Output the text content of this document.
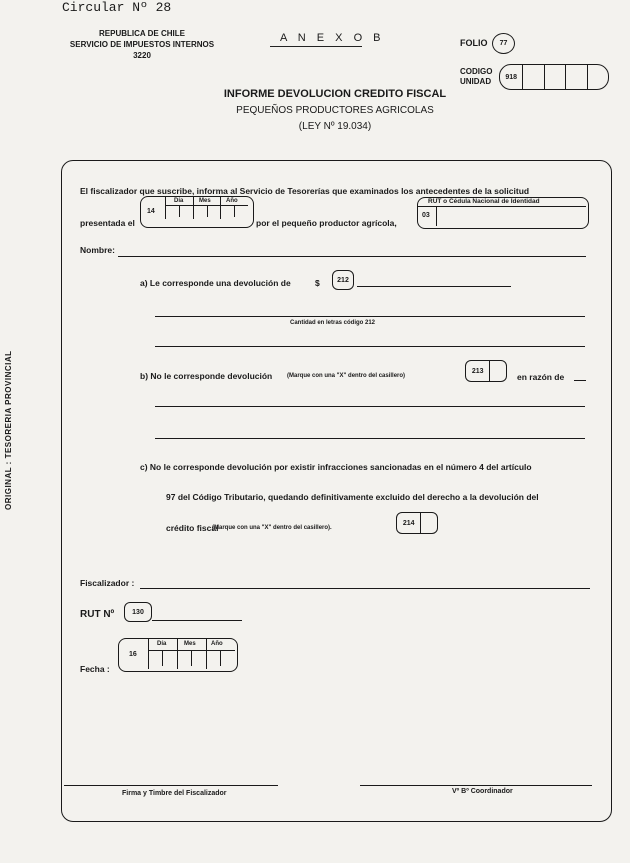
Circular Nº 28
REPUBLICA DE CHILE
SERVICIO DE IMPUESTOS INTERNOS
3220
A N E X O B	FOLIO 77
CODIGO
UNIDAD	918
INFORME DEVOLUCION CREDITO FISCAL
PEQUEÑOS PRODUCTORES AGRICOLAS
(LEY Nº 19.034)
ORIGINAL : TESORERIA PROVINCIAL
El fiscalizador que suscribe, informa al Servicio de Tesorerías que examinados los antecedentes de la solicitud
presentada el
14
Día	Mes	Año
por el pequeño productor agrícola,
RUT o Cédula Nacional de Identidad
03
Nombre:
a) Le corresponde una devolución de	$	212
Cantidad en letras código 212
b) No le corresponde devolución (Marque con una "X" dentro del casillero)
213
en razón de
c) No le corresponde devolución por existir infracciones sancionadas en el número 4 del artículo
97 del Código Tributario, quedando definitivamente excluido del derecho a la devolución del
crédito fiscal
(Marque con una "X" dentro del casillero).
214
Fiscalizador :
RUT Nº	130
16
Día	Mes	Año
Fecha :
Firma y Timbre del Fiscalizador	Vº Bº Coordinador
